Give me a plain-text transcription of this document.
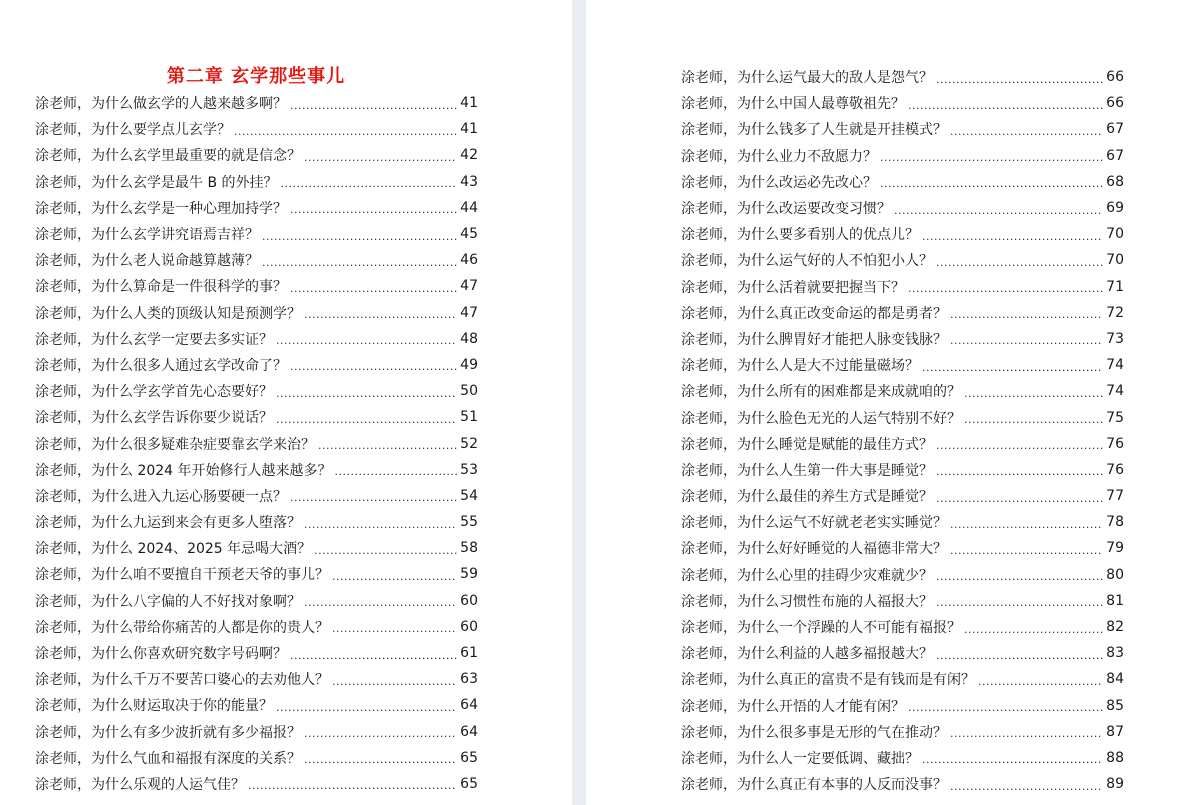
第二章 玄学那些事儿
涂老师，为什么做玄学的人越来越多啊？ .....	41
涂老师，为什么要学点儿玄学？ .....	41
涂老师，为什么玄学里最重要的就是信念？ .....	42
涂老师，为什么玄学是最牛 B 的外挂？ .....	43
涂老师，为什么玄学是一种心理加持学？ .....	44
涂老师，为什么玄学讲究语焉吉祥？ .....	45
涂老师，为什么老人说命越算越薄？ .....	46
涂老师，为什么算命是一件很科学的事？ .....	47
涂老师，为什么人类的顶级认知是预测学？ .....	47
涂老师，为什么玄学一定要去多实证？ .....	48
涂老师，为什么很多人通过玄学改命了？ .....	49
涂老师，为什么学玄学首先心态要好？ .....	50
涂老师，为什么玄学告诉你要少说话？ .....	51
涂老师，为什么很多疑难杂症要靠玄学来治？ .....	52
涂老师，为什么 2024 年开始修行人越来越多？ .....	53
涂老师，为什么进入九运心肠要硬一点？ .....	54
涂老师，为什么九运到来会有更多人堕落？ .....	55
涂老师，为什么 2024、2025 年忌喝大酒？ .....	58
涂老师，为什么咱不要擅自干预老天爷的事儿？ .....	59
涂老师，为什么八字偏的人不好找对象啊？ .....	60
涂老师，为什么带给你痛苦的人都是你的贵人？ .....	60
涂老师，为什么你喜欢研究数字号码啊？ .....	61
涂老师，为什么千万不要苦口婆心的去劝他人？ .....	63
涂老师，为什么财运取决于你的能量？ .....	64
涂老师，为什么有多少波折就有多少福报？ .....	64
涂老师，为什么气血和福报有深度的关系？ .....	65
涂老师，为什么乐观的人运气佳？ .....	65
涂老师，为什么运气最大的敌人是怨气？ .....	66
涂老师，为什么中国人最尊敬祖先？ .....	66
涂老师，为什么钱多了人生就是开挂模式？ .....	67
涂老师，为什么业力不敌愿力？ .....	67
涂老师，为什么改运必先改心？ .....	68
涂老师，为什么改运要改变习惯？ .....	69
涂老师，为什么要多看别人的优点儿？ .....	70
涂老师，为什么运气好的人不怕犯小人？ .....	70
涂老师，为什么活着就要把握当下？ .....	71
涂老师，为什么真正改变命运的都是勇者？ .....	72
涂老师，为什么脾胃好才能把人脉变钱脉？ .....	73
涂老师，为什么人是大不过能量磁场？ .....	74
涂老师，为什么所有的困难都是来成就咱的？ .....	74
涂老师，为什么脸色无光的人运气特别不好？ .....	75
涂老师，为什么睡觉是赋能的最佳方式？ .....	76
涂老师，为什么人生第一件大事是睡觉？ .....	76
涂老师，为什么最佳的养生方式是睡觉？ .....	77
涂老师，为什么运气不好就老老实实睡觉？ .....	78
涂老师，为什么好好睡觉的人福德非常大？ .....	79
涂老师，为什么心里的挂碍少灾难就少？ .....	80
涂老师，为什么习惯性布施的人福报大？ .....	81
涂老师，为什么一个浮躁的人不可能有福报？ .....	82
涂老师，为什么利益的人越多福报越大？ .....	83
涂老师，为什么真正的富贵不是有钱而是有闲？ .....	84
涂老师，为什么开悟的人才能有闲？ .....	85
涂老师，为什么很多事是无形的气在推动？ .....	87
涂老师，为什么人一定要低调、藏拙？ .....	88
涂老师，为什么真正有本事的人反而没事？ .....	89
